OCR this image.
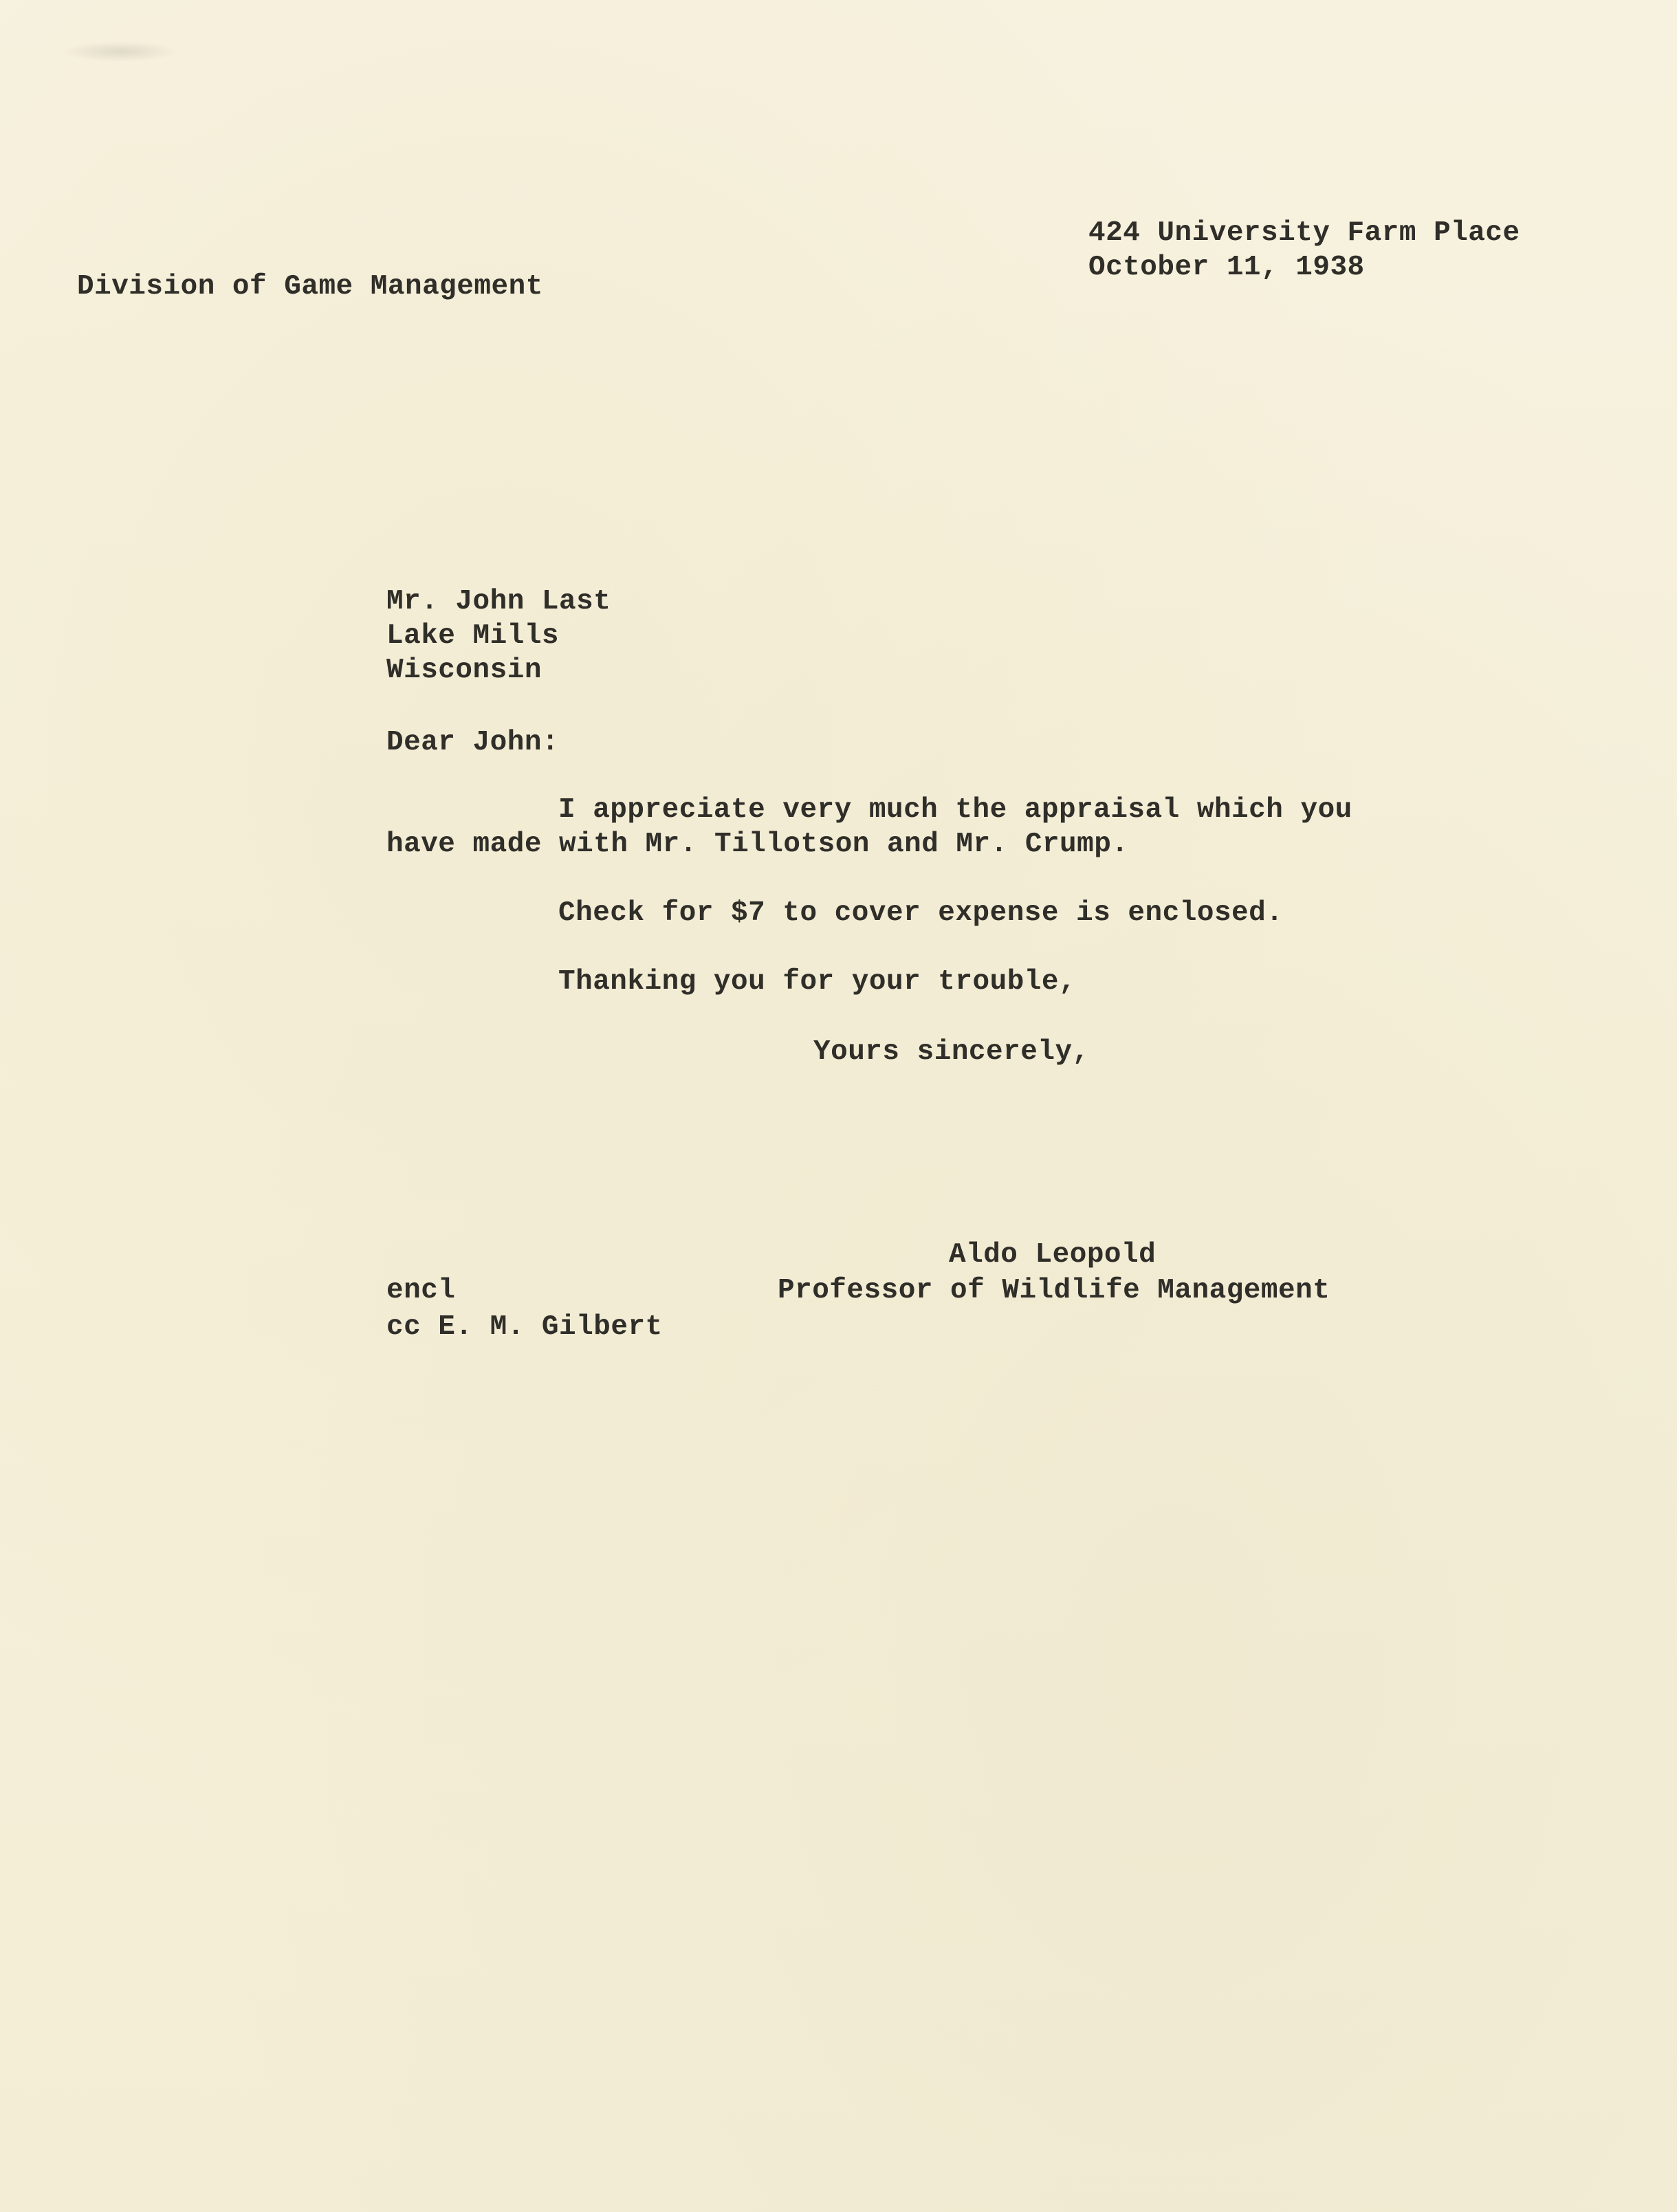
Division of Game Management
424 University Farm Place
October 11, 1938
Mr. John Last
Lake Mills
Wisconsin
Dear John:
I appreciate very much the appraisal which you
have made with Mr. Tillotson and Mr. Crump.
Check for $7 to cover expense is enclosed.
Thanking you for your trouble,
Yours sincerely,
Aldo Leopold
Professor of Wildlife Management
encl
cc E. M. Gilbert
